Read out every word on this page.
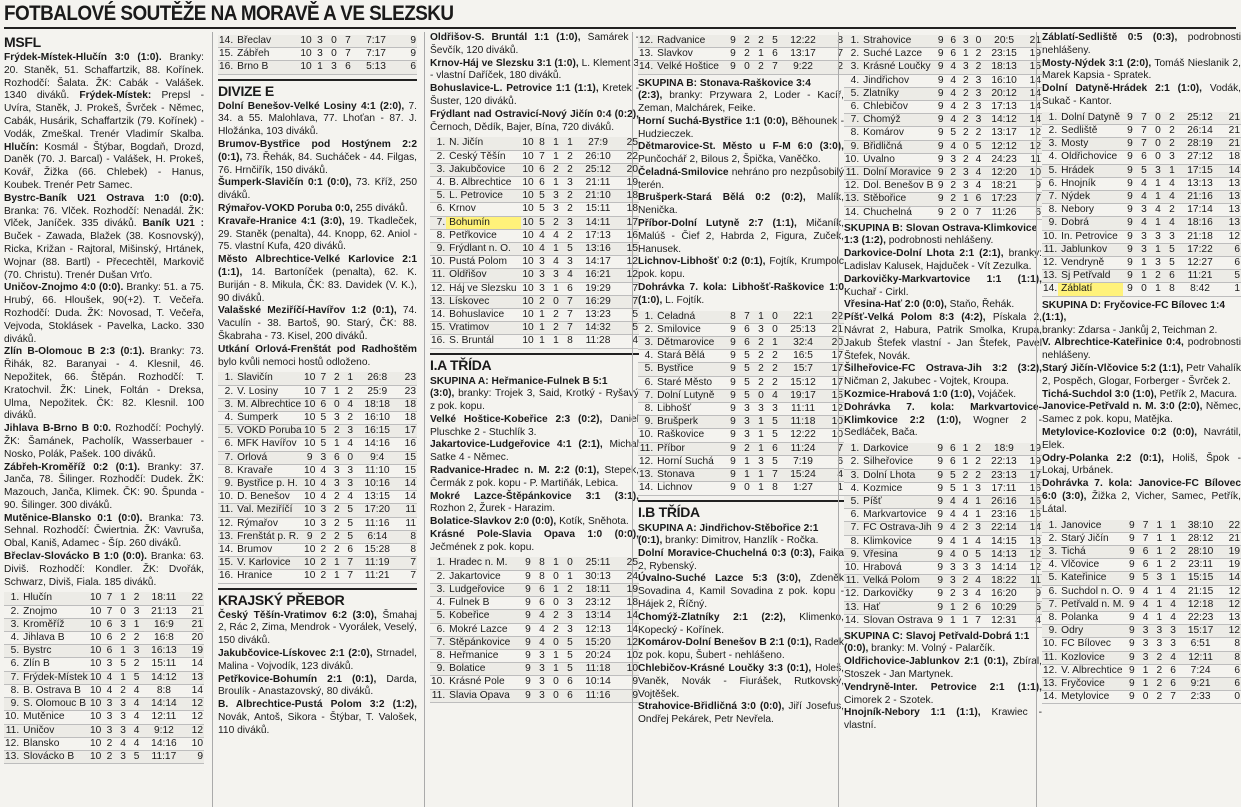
FOTBALOVÉ SOUTĚŽE NA MORAVĚ A VE SLEZSKU
MSFL

Frýdek-Místek-Hlučín 3:0 (1:0). Branky: 20. Staněk, 51. Schaffartzik, 88. Kořínek. Rozhodčí: Šalata. ŽK: Cabák - Valášek. 1340 diváků. Frýdek-Místek: Prepsl - Uvíra, Staněk, J. Prokeš, Švrček - Němec, Cabák, Husárik, Schaffartzik (79. Kořínek) - Vodák, Zmeškal. Trenér Vladimír Skalba. Hlučín: Kosmál - Štýbar, Bogdaň, Drozd, Daněk (70. J. Barcal) - Valášek, H. Prokeš, Kovář, Žižka (66. Chlebek) - Hanus, Koubek. Trenér Petr Samec.

Bystrc-Baník U21 Ostrava 1:0 (0:0). Branka: 76. Vlček. Rozhodčí: Nenadál. ŽK: Vlček, Janíček. 335 diváků. Baník U21 : Buček - Zawada, Blažek (38. Kosnovský), Ricka, Križan - Rajtoral, Mišinský, Hrtánek, Wojnar (88. Bartl) - Přecechtěl, Markovič (70. Christu). Trenér Dušan Vrťo.

Uničov-Znojmo 4:0 (0:0). Branky: 51. a 75. Hrubý, 66. Hloušek, 90(+2). T. Večeřa. Rozhodčí: Duda. ŽK: Novosad, T. Večeřa, Vejvoda, Stoklásek - Pavelka, Lacko. 330 diváků.

Zlín B-Olomouc B 2:3 (0:1). Branky: 73. Řihák, 82. Baranyai - 4. Klesnil, 46. Nepožitek, 66. Štěpán. Rozhodčí: T. Kratochvil. ŽK: Linek, Foltán - Dreksa, Ulma, Nepožitek. ČK: 82. Klesnil. 100 diváků.

Jihlava B-Brno B 0:0. Rozhodčí: Pochylý. ŽK: Šamánek, Pacholík, Wasserbauer - Nosko, Polák, Pašek. 100 diváků.

Zábřeh-Kroměříž 0:2 (0:1). Branky: 37. Janča, 78. Šilinger. Rozhodčí: Dudek. ŽK: Mazouch, Janča, Klimek. ČK: 90. Špunda - 90. Šilinger. 300 diváků.

Mutěnice-Blansko 0:1 (0:0). Branka: 73. Sehnal. Rozhodčí: Čwiertnia. ŽK: Vavruša, Obal, Kaniš, Adamec - Šíp. 260 diváků.

Břeclav-Slovácko B 1:0 (0:0). Branka: 63. Diviš. Rozhodčí: Kondler. ŽK: Dvořák, Schwarz, Diviš, Fiala. 185 diváků.

1.	Hlučín	10	7	1	2	18:11	22
2.	Znojmo	10	7	0	3	21:13	21
3.	Kroměříž	10	6	3	1	16:9	21
4.	Jihlava B	10	6	2	2	16:8	20
5.	Bystrc	10	6	1	3	16:13	19
6.	Zlín B	10	3	5	2	15:11	14
7.	Frýdek-Místek	10	4	1	5	14:12	13
8.	B. Ostrava B	10	4	2	4	8:8	14
9.	S. Olomouc B	10	3	3	4	14:14	12
10.	Mutěnice	10	3	3	4	12:11	12
11.	Uničov	10	3	3	4	9:12	12
12.	Blansko	10	2	4	4	14:16	10
13.	Slovácko B	10	2	3	5	11:17	9
14.	Břeclav	10	3	0	7	7:17	9
15.	Zábřeh	10	3	0	7	7:17	9
16.	Brno B	10	1	3	6	5:13	6
DIVIZE E

Dolní Benešov-Velké Losiny 4:1 (2:0), 7. 34. a 55. Malohlava, 77. Lhoťan - 87. J. Hložánka, 103 diváků.

Brumov-Bystřice pod Hostýnem 2:2 (0:1), 73. Řehák, 84. Sucháček - 44. Filgas, 76. Hrnčiřík, 150 diváků.

Šumperk-Slavičín 0:1 (0:0), 73. Kříž, 250 diváků.

Rýmařov-VOKD Poruba 0:0, 255 diváků.

Kravaře-Hranice 4:1 (3:0), 19. Tkadleček, 29. Staněk (penalta), 44. Knopp, 62. Aniol - 75. vlastní Kufa, 420 diváků.

Město Albrechtice-Velké Karlovice 2:1 (1:1), 14. Bartoníček (penalta), 62. K. Buriján - 8. Mikula, ČK: 83. Davidek (V. K.), 90 diváků.

Valašské Meziříčí-Havířov 1:2 (0:1), 74. Vaculín - 38. Bartoš, 90. Starý, ČK: 88. Škabraha - 73. Kisel, 200 diváků.

Utkání Orlová-Frenštát pod Radhoštěm bylo kvůli nemoci hostů odloženo.

1.	Slavičín	10	7	2	1	26:8	23
2.	V. Losiny	10	7	1	2	25:9	23
3.	M. Albrechtice	10	6	0	4	18:18	18
4.	Šumperk	10	5	3	2	16:10	18
5.	VOKD Poruba	10	5	2	3	16:15	17
6.	MFK Havířov	10	5	1	4	14:16	16
7.	Orlová	9	3	6	0	9:4	15
8.	Kravaře	10	4	3	3	11:10	15
9.	Bystřice p. H.	10	4	3	3	10:16	14
10.	D. Benešov	10	4	2	4	13:15	14
11.	Val. Meziříčí	10	3	2	5	17:20	11
12.	Rýmařov	10	3	2	5	11:16	11
13.	Frenštát p. R.	9	2	2	5	6:14	8
14.	Brumov	10	2	2	6	15:28	8
15.	V. Karlovice	10	2	1	7	11:19	7
16.	Hranice	10	2	1	7	11:21	7
KRAJSKÝ PŘEBOR

Český Těšín-Vratimov 6:2 (3:0), Šmahaj 2, Rác 2, Zima, Mendrok - Vyorálek, Veselý, 150 diváků.

Jakubčovice-Lískovec 2:1 (2:0), Strnadel, Malina - Vojvodík, 123 diváků.

Petřkovice-Bohumín 2:1 (0:1), Darda, Broulík - Anastazovský, 80 diváků.

B. Albrechtice-Pustá Polom 3:2 (1:2), Novák, Antoš, Sikora - Štýbar, T. Valošek, 110 diváků.

Oldřišov-S. Bruntál 1:1 (1:0), Šamárek - Ševčík, 120 diváků.

Krnov-Háj ve Slezsku 3:1 (1:0), L. Klement 3 - vlastní Daříček, 180 diváků.

Bohuslavice-L. Petrovice 1:1 (1:1), Kretek - Šuster, 120 diváků.

Frýdlant nad Ostravicí-Nový Jičín 0:4 (0:2), Černoch, Dědík, Bajer, Bína, 720 diváků.

1.	N. Jičín	10	8	1	1	27:9	25
2.	Český Těšín	10	7	1	2	26:10	22
3.	Jakubčovice	10	6	2	2	25:12	20
4.	B. Albrechtice	10	6	1	3	21:11	19
5.	L. Petrovice	10	5	3	2	21:10	18
6.	Krnov	10	5	3	2	15:11	18
7.	Bohumín	10	5	2	3	14:11	17
8.	Petřkovice	10	4	4	2	17:13	16
9.	Frýdlant n. O.	10	4	1	5	13:16	15
10.	Pustá Polom	10	3	4	3	14:17	12
11.	Oldřišov	10	3	3	4	16:21	12
12.	Háj ve Slezsku	10	3	1	6	19:29	7
13.	Lískovec	10	2	0	7	16:29	7
14.	Bohuslavice	10	1	2	7	13:23	5
15.	Vratimov	10	1	2	7	14:32	5
16.	S. Bruntál	10	1	1	8	11:28	4
I.A TŘÍDA
SKUPINA A: Heřmanice-Fulnek B 5:1

(3:0), branky: Trojek 3, Said, Krotký - Ryšavý z pok. kopu.

Velké Hoštice-Kobeřice 2:3 (0:2), Daniel Pluschke 2 - Stuchlík 3.

Jakartovice-Ludgeřovice 4:1 (2:1), Michal Satke 4 - Němec.

Radvanice-Hradec n. M. 2:2 (0:1), Stepek, Čermák z pok. kopu - P. Martiňák, Lebica.

Mokré Lazce-Štěpánkovice 3:1 (3:1), Rozhon 2, Žurek - Harazim.

Bolatice-Slavkov 2:0 (0:0), Kotík, Sněhota.

Krásné Pole-Slavia Opava 1:0 (0:0), Ječmének z pok. kopu.

1.	Hradec n. M.	9	8	1	0	25:11	25
2.	Jakartovice	9	8	0	1	30:13	24
3.	Ludgeřovice	9	6	1	2	18:11	19
4.	Fulnek B	9	6	0	3	23:12	18
5.	Kobeřice	9	4	2	3	13:14	14
6.	Mokré Lazce	9	4	2	3	12:13	14
7.	Štěpánkovice	9	4	0	5	15:20	12
8.	Heřmanice	9	3	1	5	20:24	10
9.	Bolatice	9	3	1	5	11:18	10
10.	Krásné Pole	9	3	0	6	10:14	9
11.	Slavia Opava	9	3	0	6	11:16	9
12.	Radvanice	9	2	2	5	12:22	8
13.	Slavkov	9	2	1	6	13:17	7
14.	Velké Hoštice	9	0	2	7	9:22	2
SKUPINA B: Stonava-Raškovice 3:4

(2:3), branky: Przywara 2, Loder - Kacíř, Zeman, Malchárek, Feike.

Horní Suchá-Bystřice 1:1 (0:0), Běhounek - Hudzieczek.

Dětmarovice-St. Město u F-M 6:0 (3:0), Punčochář 2, Bilous 2, Špička, Vaněčko.

Čeladná-Smilovice nehráno pro nezpůsobilý terén.

Brušperk-Stará Bělá 0:2 (0:2), Malík, Nenička.

Příbor-Dolní Lutyně 2:7 (1:1), Mičaník, Malúš - Čief 2, Habrda 2, Figura, Zuček, Hanusek.

Lichnov-Libhošť 0:2 (0:1), Fojtík, Krumpolc pok. kopu.

Dohrávka 7. kola: Libhošť-Raškovice 1:0 (1:0), L. Fojtík.

1.	Čeladná	8	7	1	0	22:1	22
2.	Smilovice	9	6	3	0	25:13	21
3.	Dětmarovice	9	6	2	1	32:4	20
4.	Stará Bělá	9	5	2	2	16:5	17
5.	Bystřice	9	5	2	2	15:7	17
6.	Staré Město	9	5	2	2	15:12	17
7.	Dolní Lutyně	9	5	0	4	19:17	15
8.	Libhošť	9	3	3	3	11:11	12
9.	Brušperk	9	3	1	5	11:18	10
10.	Raškovice	9	3	1	5	12:22	10
11.	Příbor	9	2	1	6	11:24	7
12.	Horní Suchá	9	1	3	5	7:19	6
13.	Stonava	9	1	1	7	15:24	4
14.	Lichnov	9	0	1	8	1:27	1
I.B TŘÍDA
SKUPINA A: Jindřichov-Stěbořice 2:1

(0:1), branky: Dimitrov, Hanzlík - Ročka.

Dolní Moravice-Chuchelná 0:3 (0:3), Faika 2, Rybenský.

Úvalno-Suché Lazce 5:3 (3:0), Zdeněk Sovadina 4, Kamil Sovadina z pok. kopu - Hájek 2, Říčný.

Chomýž-Zlatníky 2:1 (2:2), Klimenko, Kopecký - Kořínek.

Komárov-Dolní Benešov B 2:1 (0:1), Radek z pok. kopu, Šubert - nehlášeno.

Chlebičov-Krásné Loučky 3:3 (0:1), Holeš, Vaněk, Novák - Fiurášek, Rutkovský, Vojtěšek.

Strahovice-Břidličná 3:0 (0:0), Jiří Josefus, Ondřej Pekárek, Petr Nevřela.

1.	Strahovice	9	6	3	0	20:5	21
2.	Suché Lazce	9	6	1	2	23:15	19
3.	Krásné Loučky	9	4	3	2	18:13	15
4.	Jindřichov	9	4	2	3	16:10	14
5.	Zlatníky	9	4	2	3	20:12	14
6.	Chlebičov	9	4	2	3	17:13	14
7.	Chomýž	9	4	2	3	14:12	14
8.	Komárov	9	5	2	2	13:17	12
9.	Břidličná	9	4	0	5	12:12	12
10.	Úvalno	9	3	2	4	24:23	11
11.	Dolní Moravice	9	2	3	4	12:20	10
12.	Dol. Benešov B	9	2	3	4	18:21	9
13.	Stěbořice	9	2	1	6	17:23	7
14.	Chuchelná	9	2	0	7	11:26	6
SKUPINA B: Slovan Ostrava-Klimkovice

1:3 (1:2), podrobnosti nehlášeny.

Darkovice-Dolní Lhota 2:1 (2:1), branky: Ladislav Kalusek, Hajduček - Vít Zezulka.

Darkovičky-Markvartovice 1:1 (1:1), Kuchař - Cirkl.

Vřesina-Hať 2:0 (0:0), Staňo, Řehák.

Píšť-Velká Polom 8:3 (4:2), Pískala 2, Návrat 2, Habura, Patrik Smolka, Krupa, Jakub Štefek vlastní - Jan Štefek, Pavel Štefek, Novák.

Šilheřovice-FC Ostrava-Jih 3:2 (3:2), Ničman 2, Jakubec - Vojtek, Kroupa.

Kozmice-Hrabová 1:0 (1:0), Vojáček.

Dohrávka 7. kola: Markvartovice-Klimkovice 2:2 (1:0), Wogner 2 - Sedláček, Bača.

1.	Darkovice	9	6	1	2	18:9	19
2.	Šilheřovice	9	6	1	2	22:13	19
3.	Dolní Lhota	9	5	2	2	23:13	17
4.	Kozmice	9	5	1	3	17:11	16
5.	Píšť	9	4	4	1	26:16	16
6.	Markvartovice	9	4	4	1	23:16	16
7.	FC Ostrava-Jih	9	4	2	3	22:14	14
8.	Klimkovice	9	4	1	4	14:15	13
9.	Vřesina	9	4	0	5	14:13	12
10.	Hrabová	9	3	3	3	14:14	12
11.	Velká Polom	9	3	2	4	18:22	11
12.	Darkovičky	9	2	3	4	16:20	9
13.	Hať	9	1	2	6	10:29	5
14.	Slovan Ostrava	9	1	1	7	12:31	4
SKUPINA C: Slavoj Petřvald-Dobrá 1:1

(0:0), branky: M. Volný - Palarčík.

Oldřichovice-Jablunkov 2:1 (0:1), Zbíral, Stoszek - Jan Martynek.

Vendryně-Inter. Petrovice 2:1 (1:1), Cimorek 2 - Szotek.

Hnojník-Nebory 1:1 (1:1), Krawiec - vlastní.

Záblatí-Sedliště 0:5 (0:3), podrobnosti nehlášeny.

Mosty-Nýdek 3:1 (2:0), Tomáš Nieslanik 2, Marek Kapsia - Spratek.

Dolní Datyně-Hrádek 2:1 (1:0), Vodák, Sukač - Kantor.

1.	Dolní Datyně	9	7	0	2	25:12	21
2.	Sedliště	9	7	0	2	26:14	21
3.	Mosty	9	7	0	2	28:19	21
4.	Oldřichovice	9	6	0	3	27:12	18
5.	Hrádek	9	5	3	1	17:15	14
6.	Hnojník	9	4	1	4	13:13	13
7.	Nýdek	9	4	1	4	21:16	13
8.	Nebory	9	3	4	2	17:14	13
9.	Dobrá	9	4	1	4	18:16	13
10.	In. Petrovice	9	3	3	3	21:18	12
11.	Jablunkov	9	3	1	5	17:22	6
12.	Vendryně	9	1	3	5	12:27	6
13.	Sj Petřvald	9	1	2	6	11:21	5
14.	Záblatí	9	0	1	8	8:42	1
SKUPINA D: Fryčovice-FC Bílovec 1:4 (1:1),

branky: Zdarsa - Jankůj 2, Teichman 2.

V. Albrechtice-Kateřinice 0:4, podrobnosti nehlášeny.

Starý Jičín-Vlčovice 5:2 (1:1), Petr Vahalík 2, Pospěch, Glogar, Forberger - Švrček 2.

Tichá-Suchdol 3:0 (1:0), Petřík 2, Macura.

Janovice-Petřvald n. M. 3:0 (2:0), Němec, Samec z pok. kopu, Matějka.

Metylovice-Kozlovice 0:2 (0:0), Navrátil, Elek.

Odry-Polanka 2:2 (0:1), Holiš, Špok - Lokaj, Urbánek.

Dohrávka 7. kola: Janovice-FC Bílovec 6:0 (3:0), Žižka 2, Vicher, Samec, Petřík, Látal.

1.	Janovice	9	7	1	1	38:10	22
2.	Starý Jičín	9	7	1	1	28:12	21
3.	Tichá	9	6	1	2	28:10	19
4.	Vlčovice	9	6	1	2	23:11	19
5.	Kateřinice	9	5	3	1	15:15	14
6.	Suchdol n. O.	9	4	1	4	21:15	12
7.	Petřvald n. M.	9	4	1	4	12:18	12
8.	Polanka	9	4	1	4	22:23	13
9.	Odry	9	3	3	3	15:17	12
10.	FC Bílovec	9	3	3	3	6:51	8
11.	Kozlovice	9	3	2	4	12:11	8
12.	V. Albrechtice	9	1	2	6	7:24	6
13.	Fryčovice	9	1	2	6	9:21	6
14.	Metylovice	9	0	2	7	2:33	0
